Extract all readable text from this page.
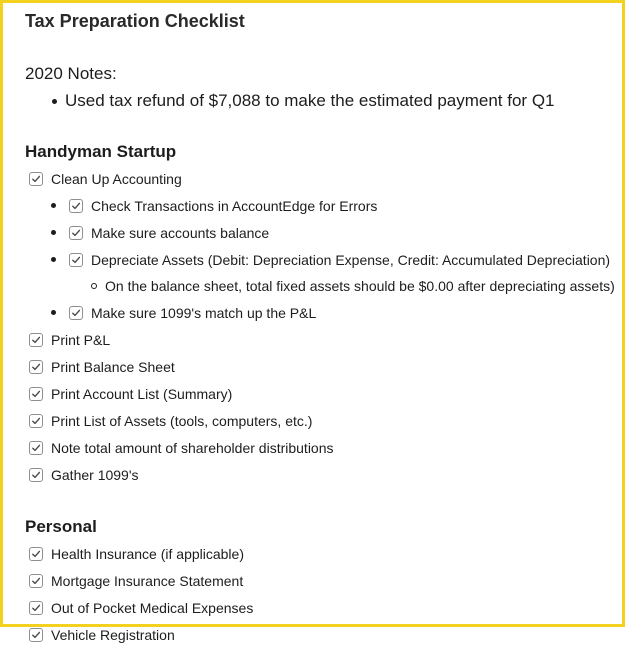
Tax Preparation Checklist
2020 Notes:
Used tax refund of $7,088 to make the estimated payment for Q1
Handyman Startup
Clean Up Accounting
Check Transactions in AccountEdge for Errors
Make sure accounts balance
Depreciate Assets (Debit: Depreciation Expense, Credit: Accumulated Depreciation)
On the balance sheet, total fixed assets should be $0.00 after depreciating assets)
Make sure 1099's match up the P&L
Print P&L
Print Balance Sheet
Print Account List (Summary)
Print List of Assets (tools, computers, etc.)
Note total amount of shareholder distributions
Gather 1099's
Personal
Health Insurance (if applicable)
Mortgage Insurance Statement
Out of Pocket Medical Expenses
Vehicle Registration
